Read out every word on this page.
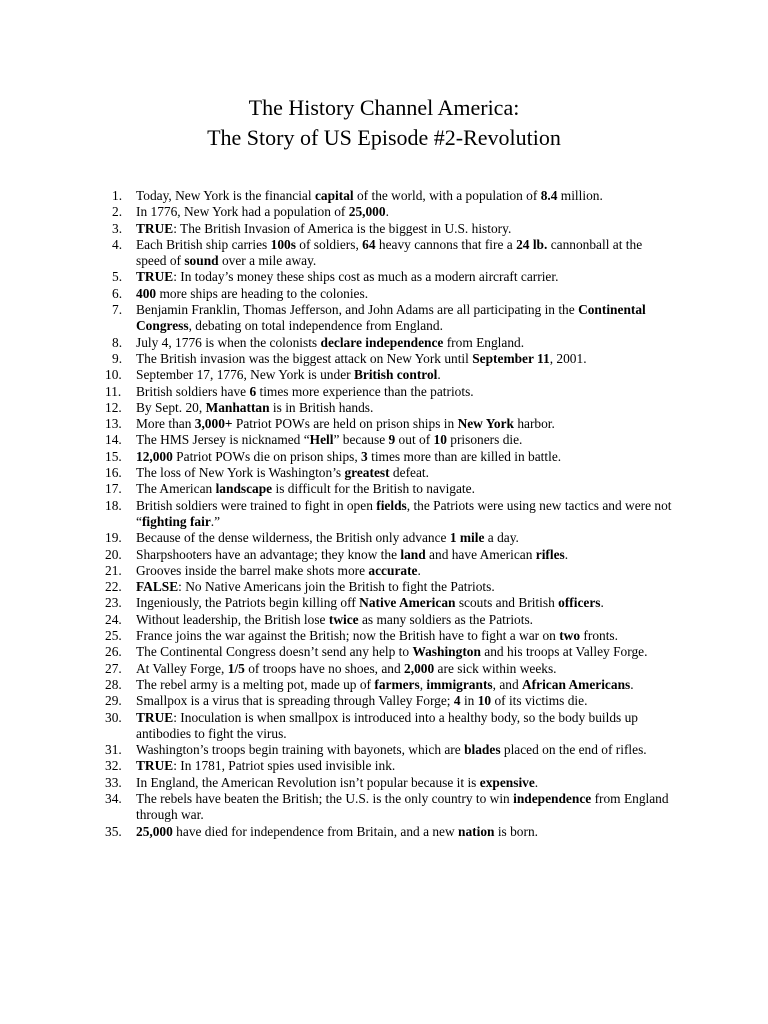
The History Channel America:
The Story of US Episode #2-Revolution
1.	Today, New York is the financial capital of the world, with a population of 8.4 million.
2.	In 1776, New York had a population of 25,000.
3.	TRUE: The British Invasion of America is the biggest in U.S. history.
4.	Each British ship carries 100s of soldiers, 64 heavy cannons that fire a 24 lb. cannonball at the speed of sound over a mile away.
5.	TRUE: In today’s money these ships cost as much as a modern aircraft carrier.
6.	400 more ships are heading to the colonies.
7.	Benjamin Franklin, Thomas Jefferson, and John Adams are all participating in the Continental Congress, debating on total independence from England.
8.	July 4, 1776 is when the colonists declare independence from England.
9.	The British invasion was the biggest attack on New York until September 11, 2001.
10.	September 17, 1776, New York is under British control.
11.	British soldiers have 6 times more experience than the patriots.
12.	By Sept. 20, Manhattan is in British hands.
13.	More than 3,000+ Patriot POWs are held on prison ships in New York harbor.
14.	The HMS Jersey is nicknamed “Hell” because 9 out of 10 prisoners die.
15.	12,000 Patriot POWs die on prison ships, 3 times more than are killed in battle.
16.	The loss of New York is Washington’s greatest defeat.
17.	The American landscape is difficult for the British to navigate.
18.	British soldiers were trained to fight in open fields, the Patriots were using new tactics and were not “fighting fair.”
19.	Because of the dense wilderness, the British only advance 1 mile a day.
20.	Sharpshooters have an advantage; they know the land and have American rifles.
21.	Grooves inside the barrel make shots more accurate.
22.	FALSE: No Native Americans join the British to fight the Patriots.
23.	Ingeniously, the Patriots begin killing off Native American scouts and British officers.
24.	Without leadership, the British lose twice as many soldiers as the Patriots.
25.	France joins the war against the British; now the British have to fight a war on two fronts.
26.	The Continental Congress doesn’t send any help to Washington and his troops at Valley Forge.
27.	At Valley Forge, 1/5 of troops have no shoes, and 2,000 are sick within weeks.
28.	The rebel army is a melting pot, made up of farmers, immigrants, and African Americans.
29.	Smallpox is a virus that is spreading through Valley Forge; 4 in 10 of its victims die.
30.	TRUE: Inoculation is when smallpox is introduced into a healthy body, so the body builds up antibodies to fight the virus.
31.	Washington’s troops begin training with bayonets, which are blades placed on the end of rifles.
32.	TRUE: In 1781, Patriot spies used invisible ink.
33.	In England, the American Revolution isn’t popular because it is expensive.
34.	The rebels have beaten the British; the U.S. is the only country to win independence from England through war.
35.	25,000 have died for independence from Britain, and a new nation is born.
